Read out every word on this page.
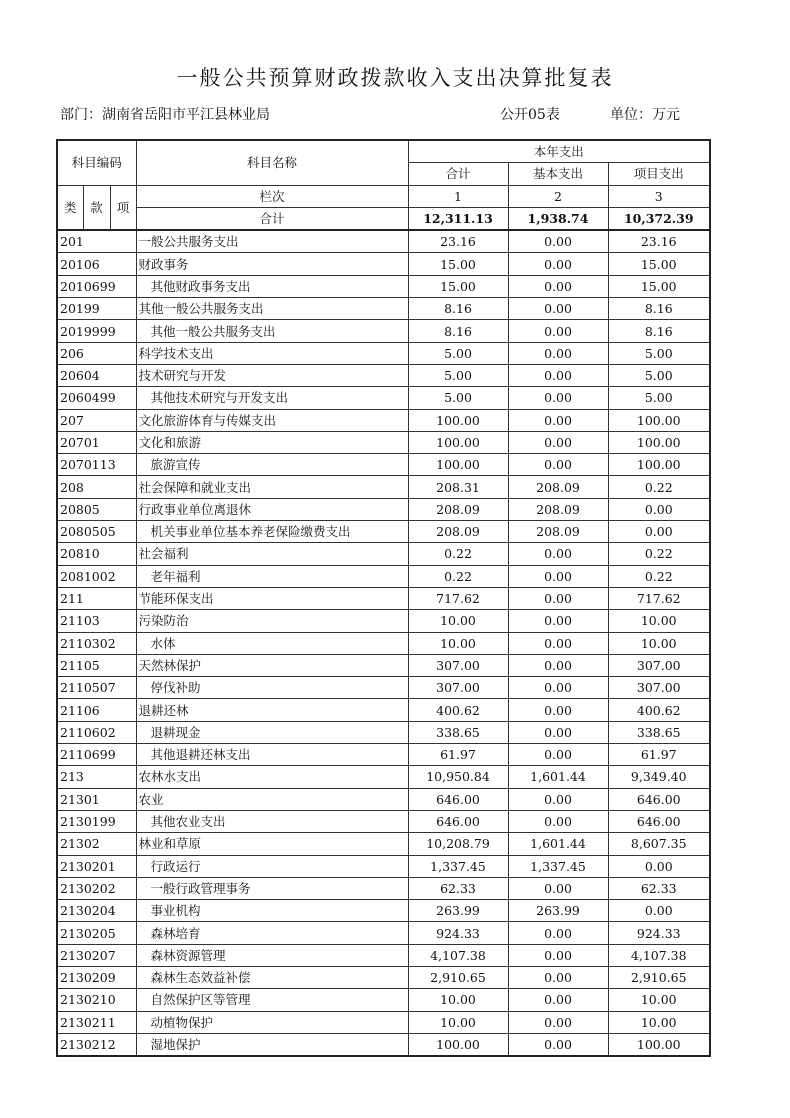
一般公共预算财政拨款收入支出决算批复表
部门：湖南省岳阳市平江县林业局	公开05表	单位：万元
科目编码			科目名称	本年支出		
				合计	基本支出	项目支出
类	款	项	栏次	1	2	3
			合计	12,311.13	1,938.74	10,372.39
201			一般公共服务支出	23.16	0.00	23.16
20106			财政事务	15.00	0.00	15.00
2010699			其他财政事务支出	15.00	0.00	15.00
20199			其他一般公共服务支出	8.16	0.00	8.16
2019999			其他一般公共服务支出	8.16	0.00	8.16
206			科学技术支出	5.00	0.00	5.00
20604			技术研究与开发	5.00	0.00	5.00
2060499			其他技术研究与开发支出	5.00	0.00	5.00
207			文化旅游体育与传媒支出	100.00	0.00	100.00
20701			文化和旅游	100.00	0.00	100.00
2070113			旅游宣传	100.00	0.00	100.00
208			社会保障和就业支出	208.31	208.09	0.22
20805			行政事业单位离退休	208.09	208.09	0.00
2080505			机关事业单位基本养老保险缴费支出	208.09	208.09	0.00
20810			社会福利	0.22	0.00	0.22
2081002			老年福利	0.22	0.00	0.22
211			节能环保支出	717.62	0.00	717.62
21103			污染防治	10.00	0.00	10.00
2110302			水体	10.00	0.00	10.00
21105			天然林保护	307.00	0.00	307.00
2110507			停伐补助	307.00	0.00	307.00
21106			退耕还林	400.62	0.00	400.62
2110602			退耕现金	338.65	0.00	338.65
2110699			其他退耕还林支出	61.97	0.00	61.97
213			农林水支出	10,950.84	1,601.44	9,349.40
21301			农业	646.00	0.00	646.00
2130199			其他农业支出	646.00	0.00	646.00
21302			林业和草原	10,208.79	1,601.44	8,607.35
2130201			行政运行	1,337.45	1,337.45	0.00
2130202			一般行政管理事务	62.33	0.00	62.33
2130204			事业机构	263.99	263.99	0.00
2130205			森林培育	924.33	0.00	924.33
2130207			森林资源管理	4,107.38	0.00	4,107.38
2130209			森林生态效益补偿	2,910.65	0.00	2,910.65
2130210			自然保护区等管理	10.00	0.00	10.00
2130211			动植物保护	10.00	0.00	10.00
2130212			湿地保护	100.00	0.00	100.00
